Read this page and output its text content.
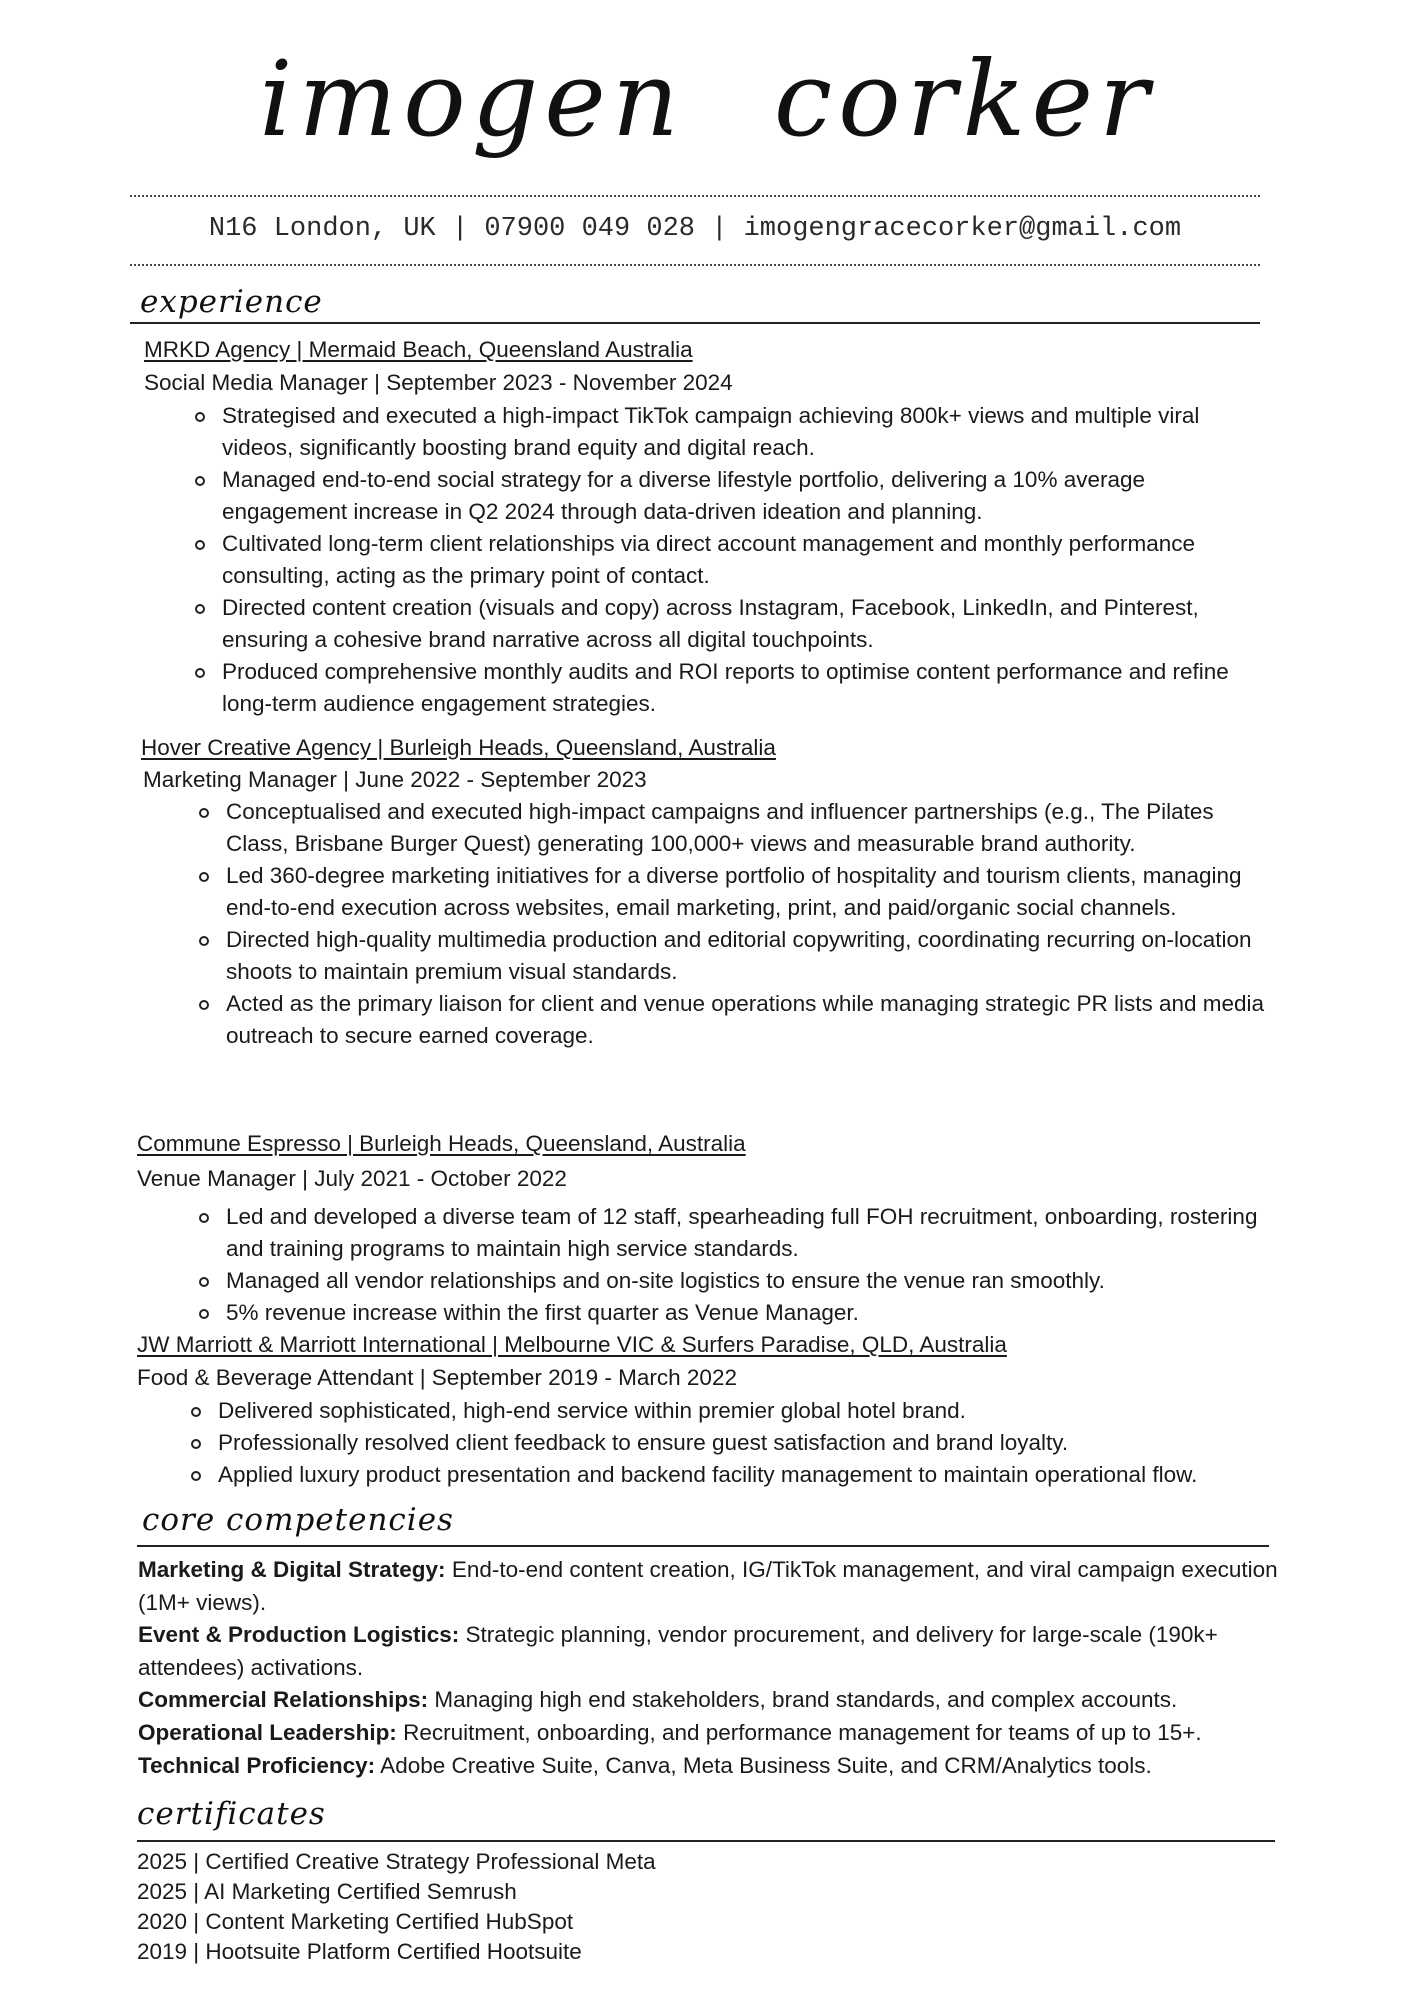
imogen corker
N16 London, UK | 07900 049 028 | imogengracecorker@gmail.com
experience
MRKD Agency | Mermaid Beach, Queensland Australia
Social Media Manager | September 2023 - November 2024
Strategised and executed a high-impact TikTok campaign achieving 800k+ views and multiple viral videos, significantly boosting brand equity and digital reach.
Managed end-to-end social strategy for a diverse lifestyle portfolio, delivering a 10% average engagement increase in Q2 2024 through data-driven ideation and planning.
Cultivated long-term client relationships via direct account management and monthly performance consulting, acting as the primary point of contact.
Directed content creation (visuals and copy) across Instagram, Facebook, LinkedIn, and Pinterest, ensuring a cohesive brand narrative across all digital touchpoints.
Produced comprehensive monthly audits and ROI reports to optimise content performance and refine long-term audience engagement strategies.
Hover Creative Agency | Burleigh Heads, Queensland, Australia
Marketing Manager | June 2022 - September 2023
Conceptualised and executed high-impact campaigns and influencer partnerships (e.g., The Pilates Class, Brisbane Burger Quest) generating 100,000+ views and measurable brand authority.
Led 360-degree marketing initiatives for a diverse portfolio of hospitality and tourism clients, managing end-to-end execution across websites, email marketing, print, and paid/organic social channels.
Directed high-quality multimedia production and editorial copywriting, coordinating recurring on-location shoots to maintain premium visual standards.
Acted as the primary liaison for client and venue operations while managing strategic PR lists and media outreach to secure earned coverage.
Commune Espresso | Burleigh Heads, Queensland, Australia
Venue Manager | July 2021 - October 2022
Led and developed a diverse team of 12 staff, spearheading full FOH recruitment, onboarding, rostering and training programs to maintain high service standards.
Managed all vendor relationships and on-site logistics to ensure the venue ran smoothly.
5% revenue increase within the first quarter as Venue Manager.
JW Marriott & Marriott International | Melbourne VIC & Surfers Paradise, QLD, Australia
Food & Beverage Attendant | September 2019 - March 2022
Delivered sophisticated, high-end service within premier global hotel brand.
Professionally resolved client feedback to ensure guest satisfaction and brand loyalty.
Applied luxury product presentation and backend facility management to maintain operational flow.
core competencies

Marketing & Digital Strategy: End-to-end content creation, IG/TikTok management, and viral campaign execution (1M+ views).

Event & Production Logistics: Strategic planning, vendor procurement, and delivery for large-scale (190k+ attendees) activations.

Commercial Relationships: Managing high end stakeholders, brand standards, and complex accounts.

Operational Leadership: Recruitment, onboarding, and performance management for teams of up to 15+.

Technical Proficiency: Adobe Creative Suite, Canva, Meta Business Suite, and CRM/Analytics tools.

certificates
2025 | Certified Creative Strategy Professional Meta
2025 | AI Marketing Certified Semrush
2020 | Content Marketing Certified HubSpot
2019 | Hootsuite Platform Certified Hootsuite
